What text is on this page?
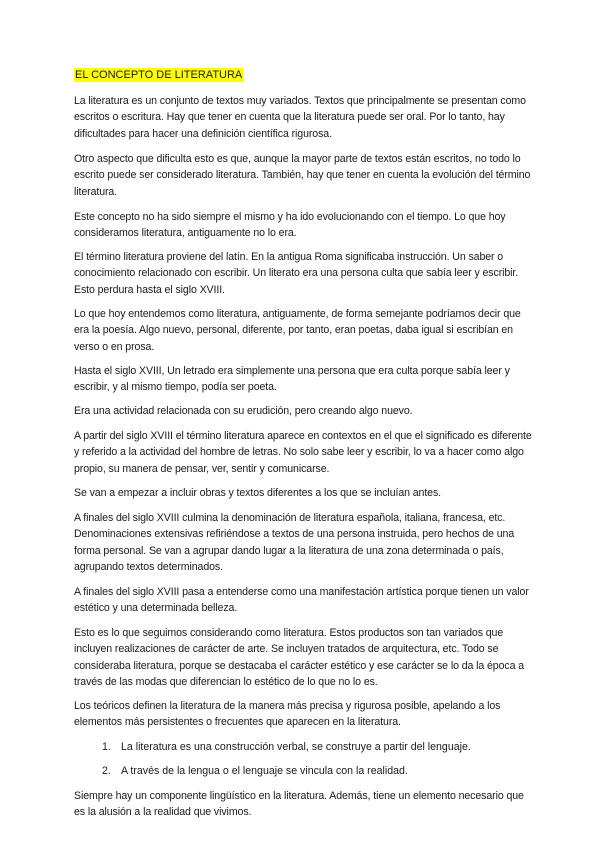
EL CONCEPTO DE LITERATURA

La literatura es un conjunto de textos muy variados. Textos que principalmente se presentan como escritos o escritura. Hay que tener en cuenta que la literatura puede ser oral. Por lo tanto, hay dificultades para hacer una definición científica rigurosa.

Otro aspecto que dificulta esto es que, aunque la mayor parte de textos están escritos, no todo lo escrito puede ser considerado literatura. También, hay que tener en cuenta la evolución del término literatura.

Este concepto no ha sido siempre el mismo y ha ido evolucionando con el tiempo. Lo que hoy consideramos literatura, antiguamente no lo era.

El término literatura proviene del latín. En la antigua Roma significaba instrucción. Un saber o conocimiento relacionado con escribir. Un literato era una persona culta que sabía leer y escribir. Esto perdura hasta el siglo XVIII.

Lo que hoy entendemos como literatura, antiguamente, de forma semejante podríamos decir que era la poesía. Algo nuevo, personal, diferente, por tanto, eran poetas, daba igual si escribían en verso o en prosa.

Hasta el siglo XVIII, Un letrado era simplemente una persona que era culta porque sabía leer y escribir, y al mismo tiempo, podía ser poeta.

Era una actividad relacionada con su erudición, pero creando algo nuevo.

A partir del siglo XVIII el término literatura aparece en contextos en el que el significado es diferente y referido a la actividad del hombre de letras. No solo sabe leer y escribir, lo va a hacer como algo propio, su manera de pensar, ver, sentir y comunicarse.

Se van a empezar a incluir obras y textos diferentes a los que se incluían antes.

A finales del siglo XVIII culmina la denominación de literatura española, italiana, francesa, etc. Denominaciones extensivas refiriéndose a textos de una persona instruida, pero hechos de una forma personal. Se van a agrupar dando lugar a la literatura de una zona determinada o país, agrupando textos determinados.

A finales del siglo XVIII pasa a entenderse como una manifestación artística porque tienen un valor estético y una determinada belleza.

Esto es lo que seguimos considerando como literatura. Estos productos son tan variados que incluyen realizaciones de carácter de arte. Se incluyen tratados de arquitectura, etc. Todo se consideraba literatura, porque se destacaba el carácter estético y ese carácter se lo da la época a través de las modas que diferencian lo estético de lo que no lo es.

Los teóricos definen la literatura de la manera más precisa y rigurosa posible, apelando a los elementos más persistentes o frecuentes que aparecen en la literatura.

1. La literatura es una construcción verbal, se construye a partir del lenguaje.
2. A través de la lengua o el lenguaje se vincula con la realidad.

Siempre hay un componente lingüístico en la literatura. Además, tiene un elemento necesario que es la alusión a la realidad que vivimos.
